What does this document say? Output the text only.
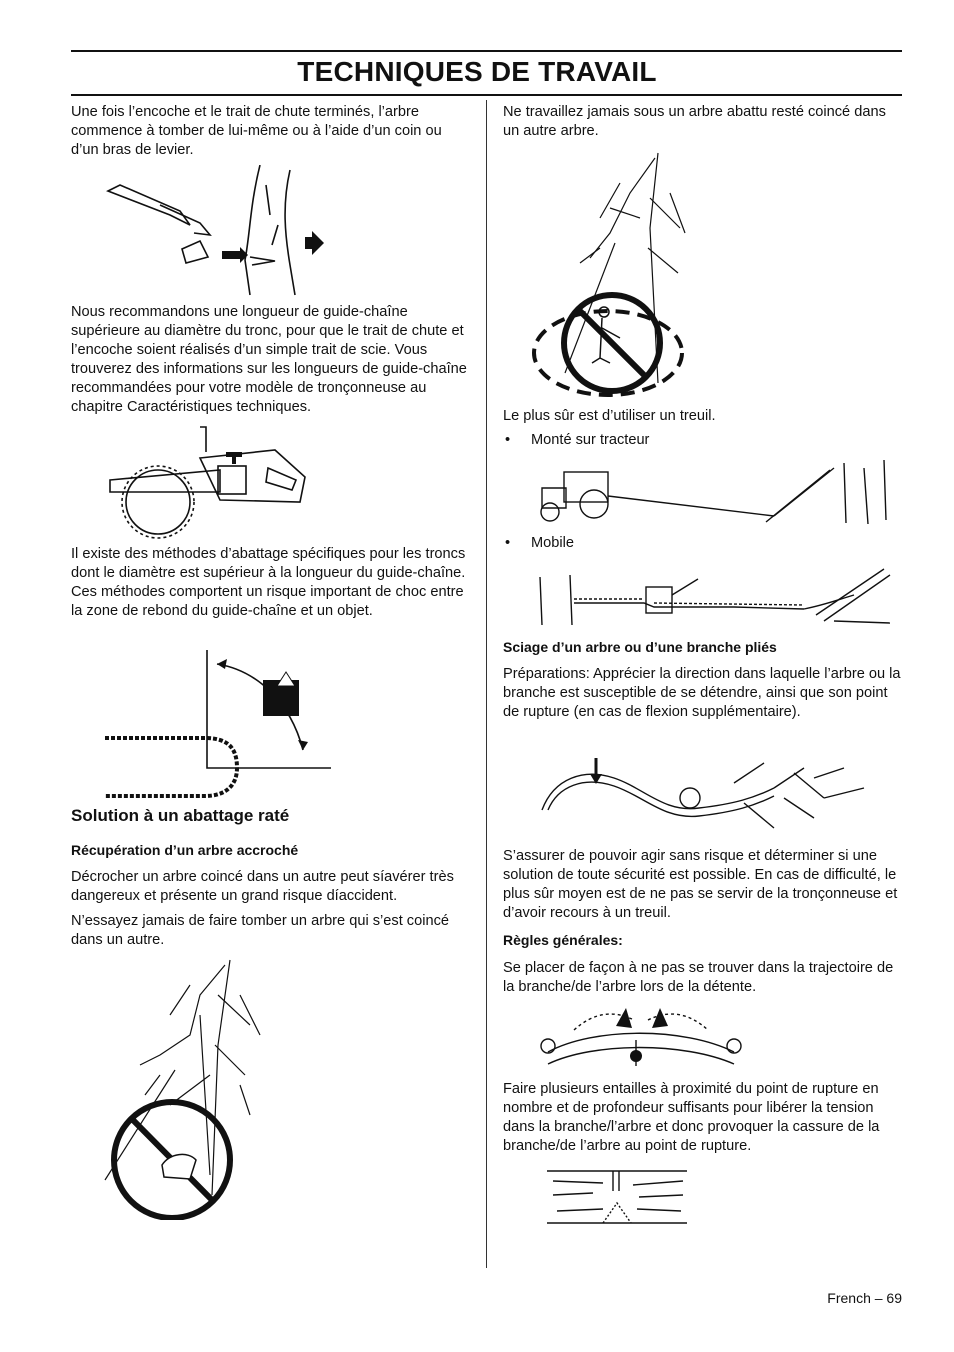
TECHNIQUES DE TRAVAIL

Une fois l’encoche et le trait de chute terminés, l’arbre commence à tomber de lui-même ou à l’aide d’un coin ou d’un bras de levier.

Nous recommandons une longueur de guide-chaîne supérieure au diamètre du tronc, pour que le trait de chute et l’encoche soient réalisés d’un simple trait de scie. Vous trouverez des informations sur les longueurs de guide-chaîne recommandées pour votre modèle de tronçonneuse au chapitre Caractéristiques techniques.

Il existe des méthodes d’abattage spécifiques pour les troncs dont le diamètre est supérieur à la longueur du guide-chaîne. Ces méthodes comportent un risque important de choc entre la zone de rebond du guide-chaîne et un objet.

Solution à un abattage raté
Récupération d’un arbre accroché

Décrocher un arbre coincé dans un autre peut síavérer très dangereux et présente un grand risque díaccident.

N’essayez jamais de faire tomber un arbre qui s’est coincé dans un autre.

Ne travaillez jamais sous un arbre abattu resté coincé dans un autre arbre.

Le plus sûr est d’utiliser un treuil.

• Monté sur tracteur
• Mobile
Sciage d’un arbre ou d’une branche pliés

Préparations: Apprécier la direction dans laquelle l’arbre ou la branche est susceptible de se détendre, ainsi que son point de rupture (en cas de flexion supplémentaire).

S’assurer de pouvoir agir sans risque et déterminer si une solution de toute sécurité est possible. En cas de difficulté, le plus sûr moyen est de ne pas se servir de la tronçonneuse et d’avoir recours à un treuil.

Règles générales:

Se placer de façon à ne pas se trouver dans la trajectoire de la branche/de l’arbre lors de la détente.

Faire plusieurs entailles à proximité du point de rupture en nombre et de profondeur suffisants pour libérer la tension dans la branche/l’arbre et donc provoquer la cassure de la branche/de l’arbre au point de rupture.

French – 69
